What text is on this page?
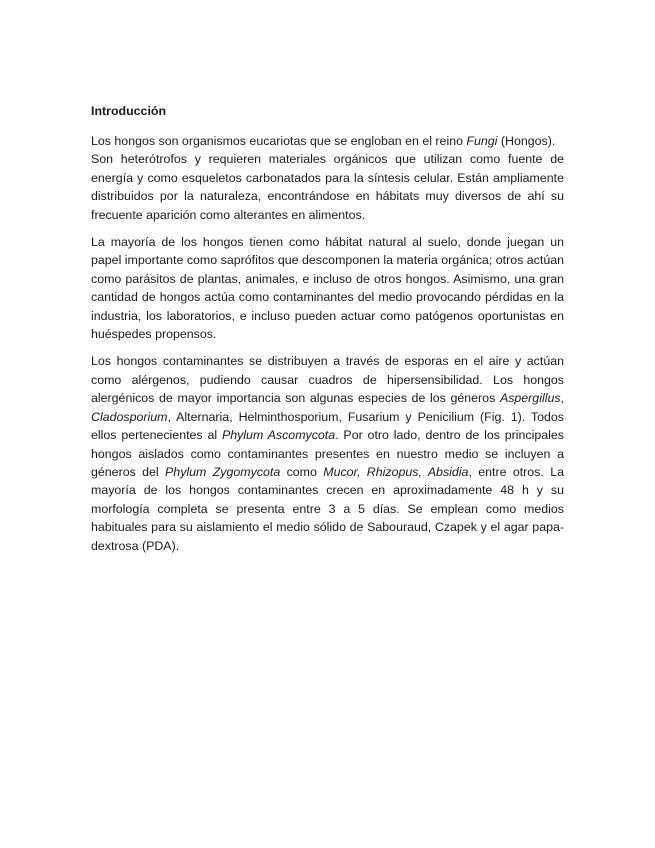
Introducción

Los hongos son organismos eucariotas que se engloban en el reino Fungi (Hongos).
Son heterótrofos y requieren materiales orgánicos que utilizan como fuente de energía y como esqueletos carbonatados para la síntesis celular. Están ampliamente distribuidos por la naturaleza, encontrándose en hábitats muy diversos de ahí su frecuente aparición como alterantes en alimentos.

La mayoría de los hongos tienen como hábitat natural al suelo, donde juegan un papel importante como saprófitos que descomponen la materia orgánica; otros actúan como parásitos de plantas, animales, e incluso de otros hongos. Asimismo, una gran cantidad de hongos actúa como contaminantes del medio provocando pérdidas en la industria, los laboratorios, e incluso pueden actuar como patógenos oportunistas en huéspedes propensos.

Los hongos contaminantes se distribuyen a través de esporas en el aire y actúan como alérgenos, pudiendo causar cuadros de hipersensibilidad. Los hongos alergénicos de mayor importancia son algunas especies de los géneros Aspergillus, Cladosporium, Alternaria, Helminthosporium, Fusarium y Penicilium (Fig. 1). Todos ellos pertenecientes al Phylum Ascomycota. Por otro lado, dentro de los principales hongos aislados como contaminantes presentes en nuestro medio se incluyen a géneros del Phylum Zygomycota como Mucor, Rhizopus, Absidia, entre otros. La mayoría de los hongos contaminantes crecen en aproximadamente 48 h y su morfología completa se presenta entre 3 a 5 días. Se emplean como medios habituales para su aislamiento el medio sólido de Sabouraud, Czapek y el agar papa-dextrosa (PDA).
